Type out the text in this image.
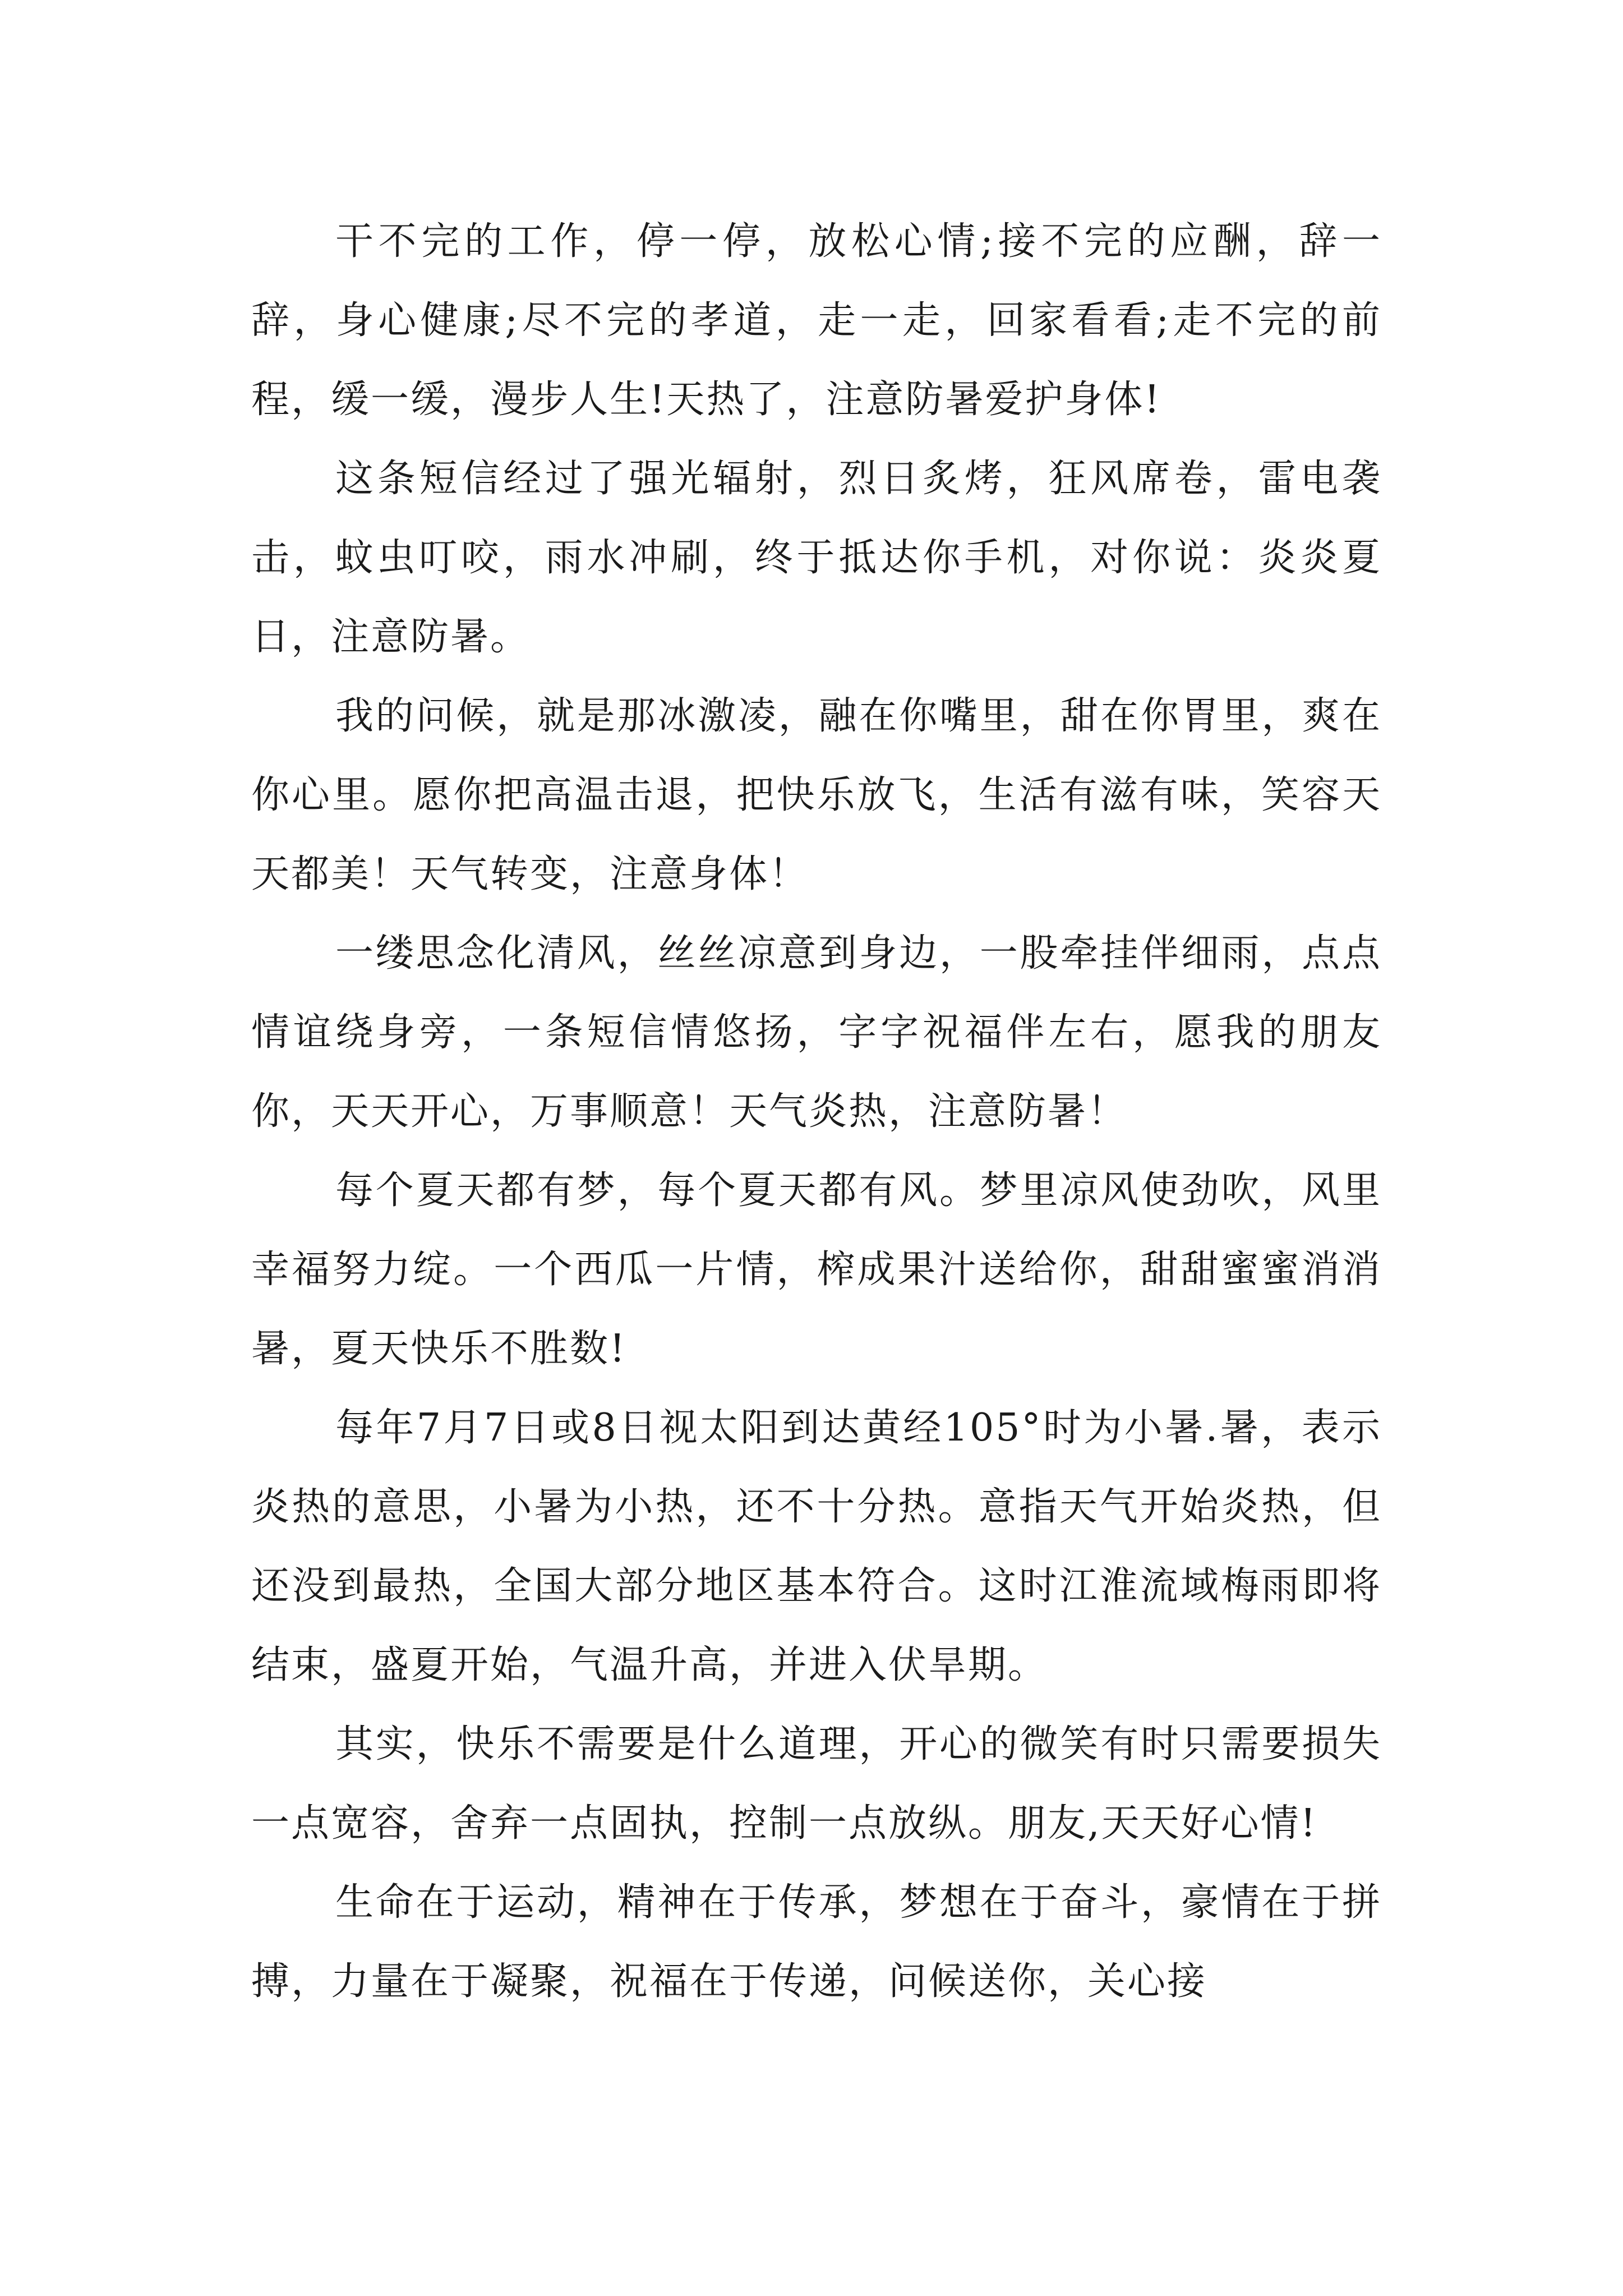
干不完的工作，停一停，放松心情;接不完的应酬，辞一辞，身心健康;尽不完的孝道，走一走，回家看看;走不完的前程，缓一缓，漫步人生!天热了，注意防暑爱护身体!

这条短信经过了强光辐射，烈日炙烤，狂风席卷，雷电袭击，蚊虫叮咬，雨水冲刷，终于抵达你手机，对你说：炎炎夏日，注意防暑。

我的问候，就是那冰激凌，融在你嘴里，甜在你胃里，爽在你心里。愿你把高温击退，把快乐放飞，生活有滋有味，笑容天天都美！天气转变，注意身体！

一缕思念化清风，丝丝凉意到身边，一股牵挂伴细雨，点点情谊绕身旁，一条短信情悠扬，字字祝福伴左右，愿我的朋友你，天天开心，万事顺意！天气炎热，注意防暑！

每个夏天都有梦，每个夏天都有风。梦里凉风使劲吹，风里幸福努力绽。一个西瓜一片情，榨成果汁送给你，甜甜蜜蜜消消暑，夏天快乐不胜数!

每年7月7日或8日视太阳到达黄经105°时为小暑.暑，表示炎热的意思，小暑为小热，还不十分热。意指天气开始炎热，但还没到最热，全国大部分地区基本符合。这时江淮流域梅雨即将结束，盛夏开始，气温升高，并进入伏旱期。

其实，快乐不需要是什么道理，开心的微笑有时只需要损失一点宽容，舍弃一点固执，控制一点放纵。朋友,天天好心情!

生命在于运动，精神在于传承，梦想在于奋斗，豪情在于拼搏，力量在于凝聚，祝福在于传递，问候送你，关心接
